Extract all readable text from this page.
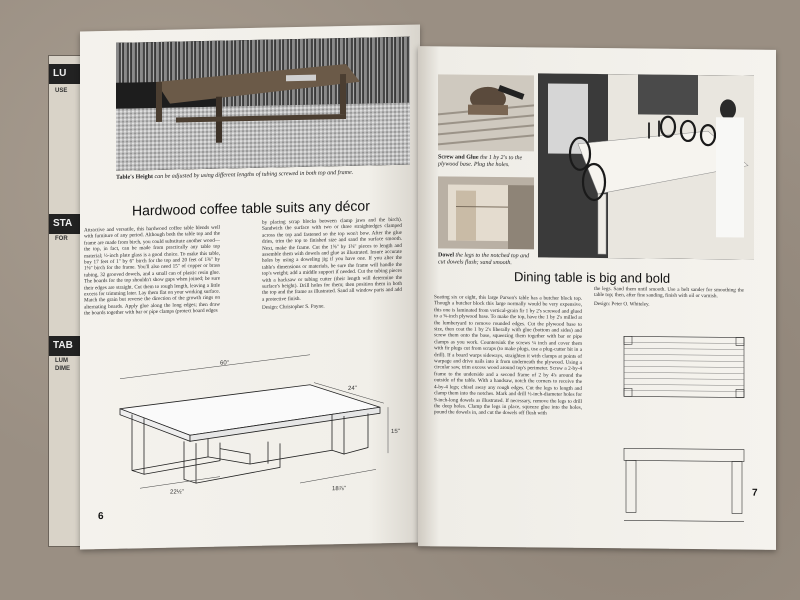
LU
USE
STA
FOR
TAB
LUM
DIME
Table's Height can be adjusted by using different lengths of tubing screwed in both top and frame.
Hardwood coffee table suits any décor
Attractive and versatile, this hardwood coffee table blends well with furniture of any period. Although both the table top and the frame are made from birch, you could substitute another wood—the top, in fact, can be made from practically any table top material; ½-inch plate glass is a good choice. To make this table, buy 17 feet of 1" by 6" birch for the top and 20 feet of 1⅜" by 1⅜" birch for the frame. You'll also need 15" of copper or brass tubing, 32 grooved dowels, and a small can of plastic resin glue. The boards for the top shouldn't show gaps when joined; be sure their edges are straight. Cut them to rough length, leaving a little excess for trimming later. Lay them flat on your working surface. Match the grain but reverse the direction of the growth rings on alternating boards. Apply glue along the long edges; then draw the boards together with bar or pipe clamps (protect board edges
by placing scrap blocks between clamp jaws and the birch). Sandwich the surface with two or three straightedges clamped across the top and fastened so the top won't bow. After the glue dries, trim the top to finished size and sand the surface smooth. Next, make the frame. Cut the 1⅜" by 1⅜" pieces to length and assemble them with dowels and glue as illustrated. Insure accurate holes by using a doweling jig if you have one. If you alter the table's dimensions or materials, be sure the frame will handle the top's weight; add a middle support if needed. Cut the tubing pieces with a hacksaw or tubing cutter (their length will determine the surface's height). Drill holes for them; then position them in both the top and the frame as illustrated. Sand all window parts and add a protective finish.
Design: Christopher S. Payne.
60"
24"
15"
22½"
18⅞"
6
Screw and Glue the 1 by 2's to the plywood base. Plug the holes.
Dowel the legs to the notched top and cut dowels flush; sand smooth.
Dining table is big and bold
Seating six or eight, this large Parson's table has a butcher block top. Though a butcher block this large normally would be very expensive, this one is laminated from vertical-grain fir 1 by 2's screwed and glued to a ¾-inch plywood base. To make the top, have the 1 by 2's milled at the lumberyard to remove rounded edges. Cut the plywood base to size, then coat the 1 by 2's liberally with glue (bottom and sides) and screw them onto the base, squeezing them together with bar or pipe clamps as you work. Countersink the screws ¼ inch and cover them with fir plugs cut from scraps (to make plugs, use a plug-cutter bit in a drill). If a board warps sideways, straighten it with clamps at points of warpage and drive nails into it from underneath the plywood. Using a circular saw, trim excess wood around top's perimeter. Screw a 2-by-4 frame to the underside and a second frame of 2 by 4's around the outside of the table. With a handsaw, notch the corners to receive the 4-by-4 legs; chisel away any rough edges. Cut the legs to length and clamp them into the notches. Mark and drill ½-inch-diameter holes for 9-inch-long dowels as illustrated. If necessary, remove the legs to drill the deep holes. Clamp the legs in place, squeeze glue into the holes, pound the dowels in, and cut the dowels off flush with
the legs. Sand them until smooth. Use a belt sander for smoothing the table top; then, after fine sanding, finish with oil or varnish.
Design: Peter O. Whiteley.
7
